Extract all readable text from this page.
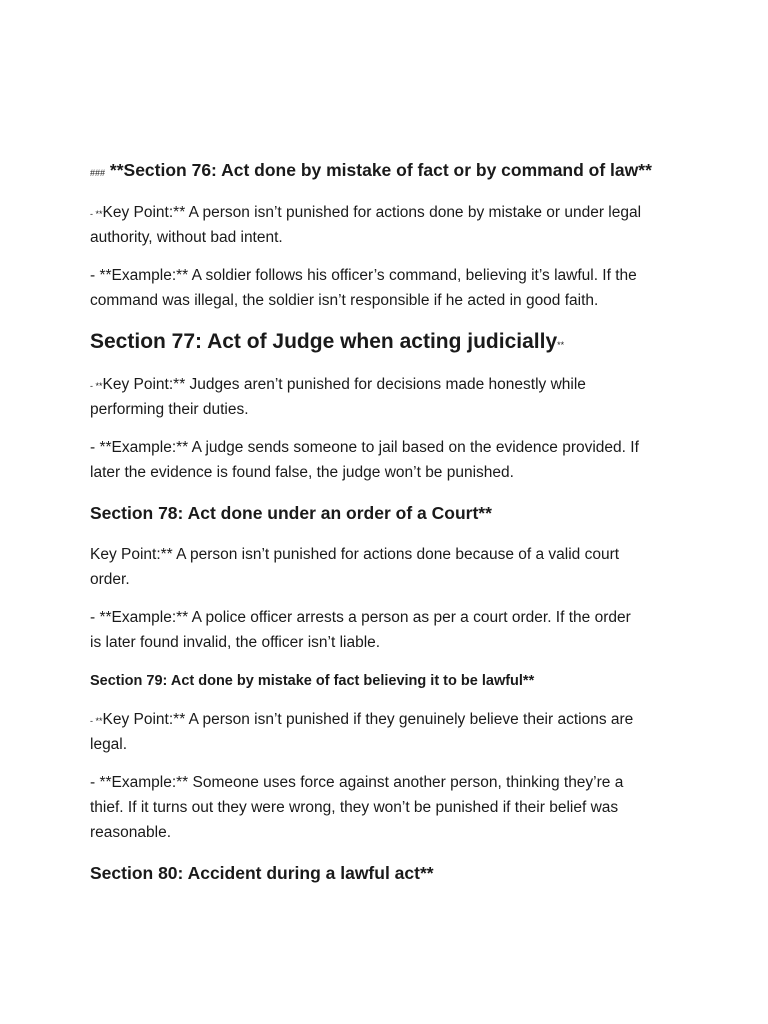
### **Section 76: Act done by mistake of fact or by command of law**
- **Key Point:** A person isn’t punished for actions done by mistake or under legal
authority, without bad intent.
- **Example:** A soldier follows his officer’s command, believing it’s lawful. If the
command was illegal, the soldier isn’t responsible if he acted in good faith.
Section 77: Act of Judge when acting judicially**
- **Key Point:** Judges aren’t punished for decisions made honestly while
performing their duties.
- **Example:** A judge sends someone to jail based on the evidence provided. If
later the evidence is found false, the judge won’t be punished.
Section 78: Act done under an order of a Court**
Key Point:** A person isn’t punished for actions done because of a valid court
order.
- **Example:** A police officer arrests a person as per a court order. If the order
is later found invalid, the officer isn’t liable.
Section 79: Act done by mistake of fact believing it to be lawful**
- **Key Point:** A person isn’t punished if they genuinely believe their actions are
legal.
- **Example:** Someone uses force against another person, thinking they’re a
thief. If it turns out they were wrong, they won’t be punished if their belief was
reasonable.
Section 80: Accident during a lawful act**
